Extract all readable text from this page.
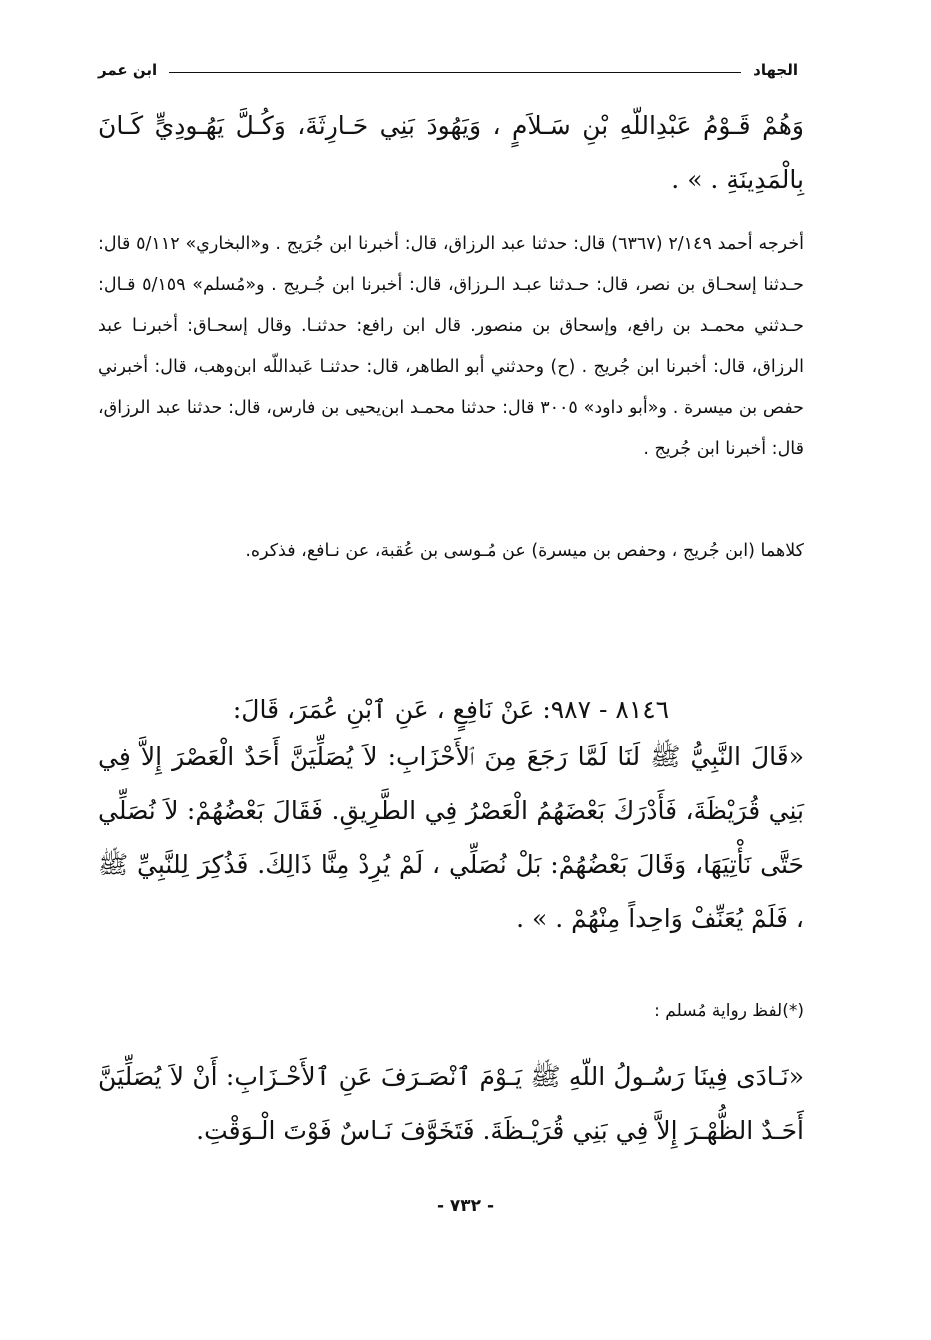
الجهاد
ابن عمر

وَهُمْ قَـوْمُ عَبْدِاللّهِ بْنِ سَـلاَمٍ ، وَيَهُودَ بَنِي حَـارِثَةَ، وَكُـلَّ يَهُـودِيٍّ كَـانَ بِالْمَدِينَةِ . » .

أخرجه أحمد ٢/١٤٩ (٦٣٦٧) قال: حدثنا عبد الرزاق، قال: أخبرنا ابن جُرَيج . و«البخاري» ٥/١١٢ قال: حـدثنا إسحـاق بن نصر، قال: حـدثنا عبـد الـرزاق، قال: أخبرنا ابن جُـريج . و«مُسلم» ٥/١٥٩ قـال: حـدثني محمـد بن رافع، وإسحاق بن منصور. قال ابن رافع: حدثنـا. وقال إسحـاق: أخبرنـا عبد الرزاق، قال: أخبرنا ابن جُريج . (ح) وحدثني أبو الطاهر، قال: حدثنـا عَبداللّه ابن‌وهب، قال: أخبرني حفص بن ميسرة . و«أبو داود» ٣٠٠٥ قال: حدثنا محمـد ابن‌يحيى بن فارس، قال: حدثنا عبد الرزاق، قال: أخبرنا ابن جُريج .

كلاهما (ابن جُريج ، وحفص بن ميسرة) عن مُـوسى بن عُقبة، عن نـافع، فذكره.

٨١٤٦ - ٩٨٧: عَنْ نَافِعٍ ، عَنِ ٱبْنِ عُمَرَ، قَالَ:

«قَالَ النَّبِيُّ ﷺ لَنَا لَمَّا رَجَعَ مِنَ ٱلأَحْزَابِ: لاَ يُصَلِّيَنَّ أَحَدٌ الْعَصْرَ إِلاَّ فِي بَنِي قُرَيْظَةَ، فَأَدْرَكَ بَعْضَهُمُ الْعَصْرُ فِي الطَّرِيقِ. فَقَالَ بَعْضُهُمْ: لاَ نُصَلِّي حَتَّى نَأْتِيَهَا، وَقَالَ بَعْضُهُمْ: بَلْ نُصَلِّي ، لَمْ يُرِدْ مِنَّا ذَالِكَ. فَذُكِرَ لِلنَّبِيِّ ﷺ ، فَلَمْ يُعَنِّفْ وَاحِداً مِنْهُمْ . » .

(*)لفظ رواية مُسلم :

«نَـادَى فِينَا رَسُـولُ اللّهِ ﷺ يَـوْمَ ٱنْصَـرَفَ عَنِ ٱلأَحْـزَابِ: أَنْ لاَ يُصَلِّيَنَّ أَحَـدٌ الظُّهْـرَ إِلاَّ فِي بَنِي قُرَيْـظَةَ. فَتَخَوَّفَ نَـاسٌ فَوْتَ الْـوَقْتِ.

- ٧٣٢ -
